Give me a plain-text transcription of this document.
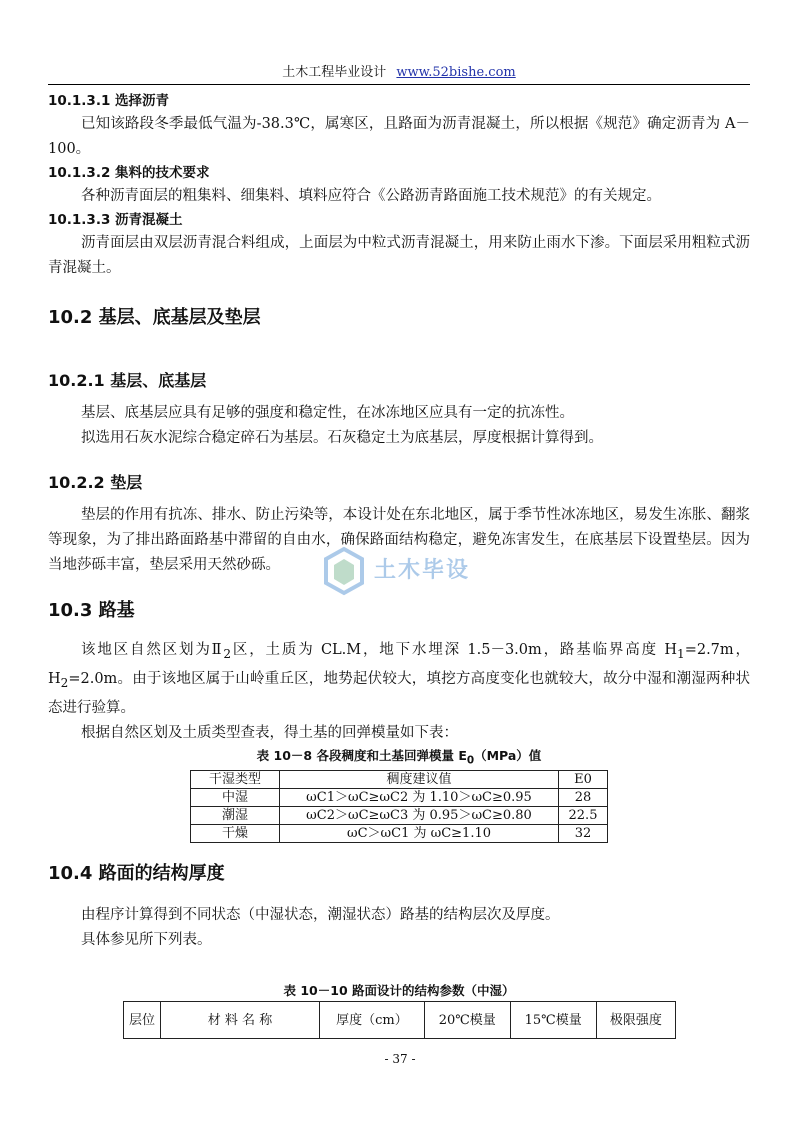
土木工程毕业设计 www.52bishe.com
10.1.3.1 选择沥青
已知该路段冬季最低气温为-38.3℃，属寒区，且路面为沥青混凝土，所以根据《规范》确定沥青为 A－100。
10.1.3.2 集料的技术要求
各种沥青面层的粗集料、细集料、填料应符合《公路沥青路面施工技术规范》的有关规定。
10.1.3.3 沥青混凝土
沥青面层由双层沥青混合料组成，上面层为中粒式沥青混凝土，用来防止雨水下渗。下面层采用粗粒式沥青混凝土。
10.2 基层、底基层及垫层
10.2.1 基层、底基层
基层、底基层应具有足够的强度和稳定性，在冰冻地区应具有一定的抗冻性。
拟选用石灰水泥综合稳定碎石为基层。石灰稳定土为底基层，厚度根据计算得到。
10.2.2 垫层
垫层的作用有抗冻、排水、防止污染等，本设计处在东北地区，属于季节性冰冻地区，易发生冻胀、翻浆等现象，为了排出路面路基中滞留的自由水，确保路面结构稳定，避免冻害发生，在底基层下设置垫层。因为当地莎砾丰富，垫层采用天然砂砾。
10.3 路基
该地区自然区划为$Ⅱ_2$区，土质为 CL.M，地下水埋深 1.5－3.0m，路基临界高度 $H_1=2.7m$，$H_2=2.0m$。由于该地区属于山岭重丘区，地势起伏较大，填挖方高度变化也就较大，故分中湿和潮湿两种状态进行验算。
根据自然区划及土质类型查表，得土基的回弹模量如下表：
表 10－8 各段稠度和土基回弹模量 $E_0(MPa)$值
干湿类型	稠度建议值	E0
中湿	ωC1＞ωC≥ωC2 为 1.10＞ωC≥0.95	28
潮湿	ωC2＞ωC≥ωC3 为 0.95＞ωC≥0.80	22.5
干燥	ωC＞ωC1 为 ωC≥1.10	32
10.4 路面的结构厚度
由程序计算得到不同状态（中湿状态，潮湿状态）路基的结构层次及厚度。
具体参见所下列表。
表 10－10 路面设计的结构参数（中湿）
层位	材 料 名 称	厚度（cm）	20℃模量	15℃模量	极限强度
土木毕设
- 37 -
